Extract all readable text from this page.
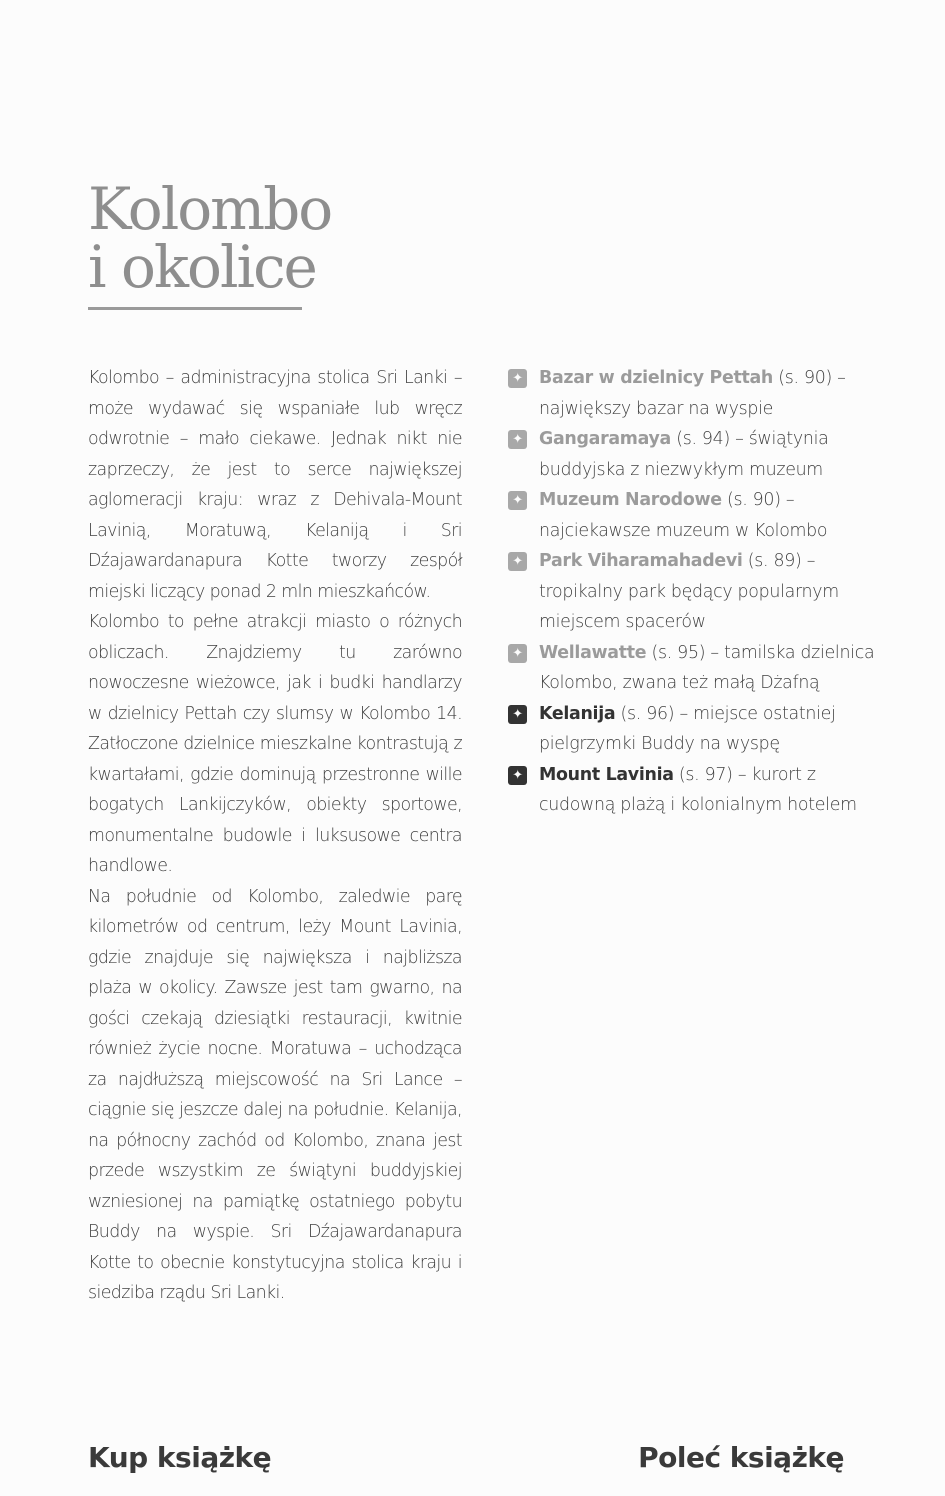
Kolombo
i okolice

Kolombo – administracyjna stolica Sri Lanki – może wydawać się wspaniałe lub wręcz odwrotnie – mało ciekawe. Jednak nikt nie zaprzeczy, że jest to serce największej aglomeracji kraju: wraz z Dehivala-Mount Lavinią, Moratuwą, Kelaniją i Sri Dźajawardanapura Kotte tworzy zespół miejski liczący ponad 2 mln mieszkańców.

Kolombo to pełne atrakcji miasto o różnych obliczach. Znajdziemy tu zarówno nowoczesne wieżowce, jak i budki handlarzy w dzielnicy Pettah czy slumsy w Kolombo 14. Zatłoczone dzielnice mieszkalne kontrastują z kwartałami, gdzie dominują przestronne wille bogatych Lankijczyków, obiekty sportowe, monumentalne budowle i luksusowe centra handlowe.

Na południe od Kolombo, zaledwie parę kilometrów od centrum, leży Mount Lavinia, gdzie znajduje się największa i najbliższa plaża w okolicy. Zawsze jest tam gwarno, na gości czekają dziesiątki restauracji, kwitnie również życie nocne. Moratuwa – uchodząca za najdłuższą miejscowość na Sri Lance – ciągnie się jeszcze dalej na południe. Kelanija, na północny zachód od Kolombo, znana jest przede wszystkim ze świątyni buddyjskiej wzniesionej na pamiątkę ostatniego pobytu Buddy na wyspie. Sri Dźajawardanapura Kotte to obecnie konstytucyjna stolica kraju i siedziba rządu Sri Lanki.

✦ Bazar w dzielnicy Pettah (s. 90) – największy bazar na wyspie
✦ Gangaramaya (s. 94) – świątynia buddyjska z niezwykłym muzeum
✦ Muzeum Narodowe (s. 90) – najciekawsze muzeum w Kolombo
✦ Park Viharamahadevi (s. 89) – tropikalny park będący popularnym miejscem spacerów
✦ Wellawatte (s. 95) – tamilska dzielnica Kolombo, zwana też małą Dżafną
✦ Kelanija (s. 96) – miejsce ostatniej pielgrzymki Buddy na wyspę
✦ Mount Lavinia (s. 97) – kurort z cudowną plażą i kolonialnym hotelem
Kup książkę	Poleć książkę
